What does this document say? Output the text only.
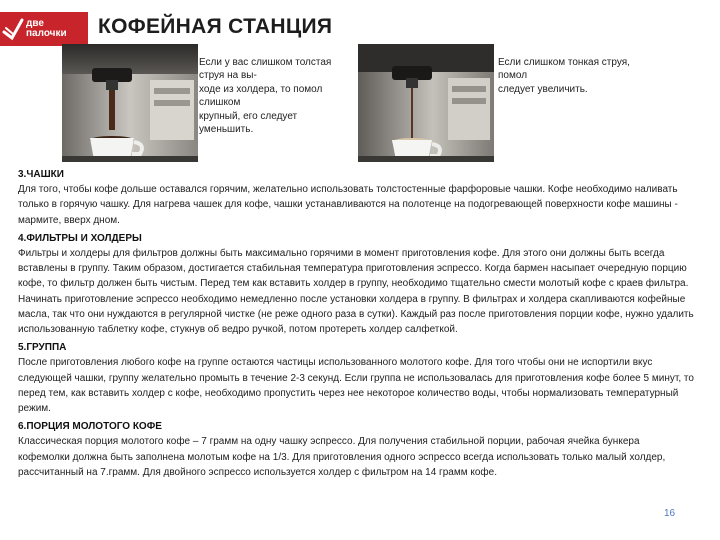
две
палочки КОФЕЙНАЯ СТАНЦИЯ
Если у вас слишком толстая
струя на вы-
ходе из холдера, то помол
слишком
крупный, его следует
уменьшить.
Если слишком тонкая струя,
помол
следует увеличить.
3.ЧАШКИ

Для того, чтобы кофе дольше оставался горячим, желательно использовать толстостенные фарфоровые чашки. Кофе необходимо наливать только в горячую чашку. Для нагрева чашек для кофе, чашки устанавливаются на полотенце на подогревающей поверхности кофе машины - мармите, вверх дном.

4.ФИЛЬТРЫ И ХОЛДЕРЫ

Фильтры и холдеры для фильтров должны быть максимально горячими в момент приготовления кофе. Для этого они должны быть всегда вставлены в группу. Таким образом, достигается стабильная температура приготовления эспрессо. Когда бармен насыпает очередную порцию кофе, то фильтр должен быть чистым. Перед тем как вставить холдер в группу, необходимо тщательно смести молотый кофе с краев фильтра. Начинать приготовление эспрессо необходимо немедленно после установки холдера в группу. В фильтрах и холдера скапливаются кофейные масла, так что они нуждаются в регулярной чистке (не реже одного раза в сутки). Каждый раз после приготовления порции кофе, нужно удалить использованную таблетку кофе, стукнув об ведро ручкой, потом протереть холдер салфеткой.

5.ГРУППА

После приготовления любого кофе на группе остаются частицы использованного молотого кофе. Для того чтобы они не испортили вкус следующей чашки, группу желательно промыть в течение 2-3 секунд. Если группа не использовалась для приготовления кофе более 5 минут, то перед тем, как вставить холдер с кофе, необходимо пропустить через нее некоторое количество воды, чтобы нормализовать температурный режим.

6.ПОРЦИЯ МОЛОТОГО КОФЕ

Классическая порция молотого кофе – 7 грамм на одну чашку эспрессо. Для получения стабильной порции, рабочая ячейка бункера кофемолки должна быть заполнена молотым кофе на 1/3. Для приготовления одного эспрессо всегда использовать только малый холдер, рассчитанный на 7.грамм. Для двойного эспрессо используется холдер с фильтром на 14 грамм кофе.

16
